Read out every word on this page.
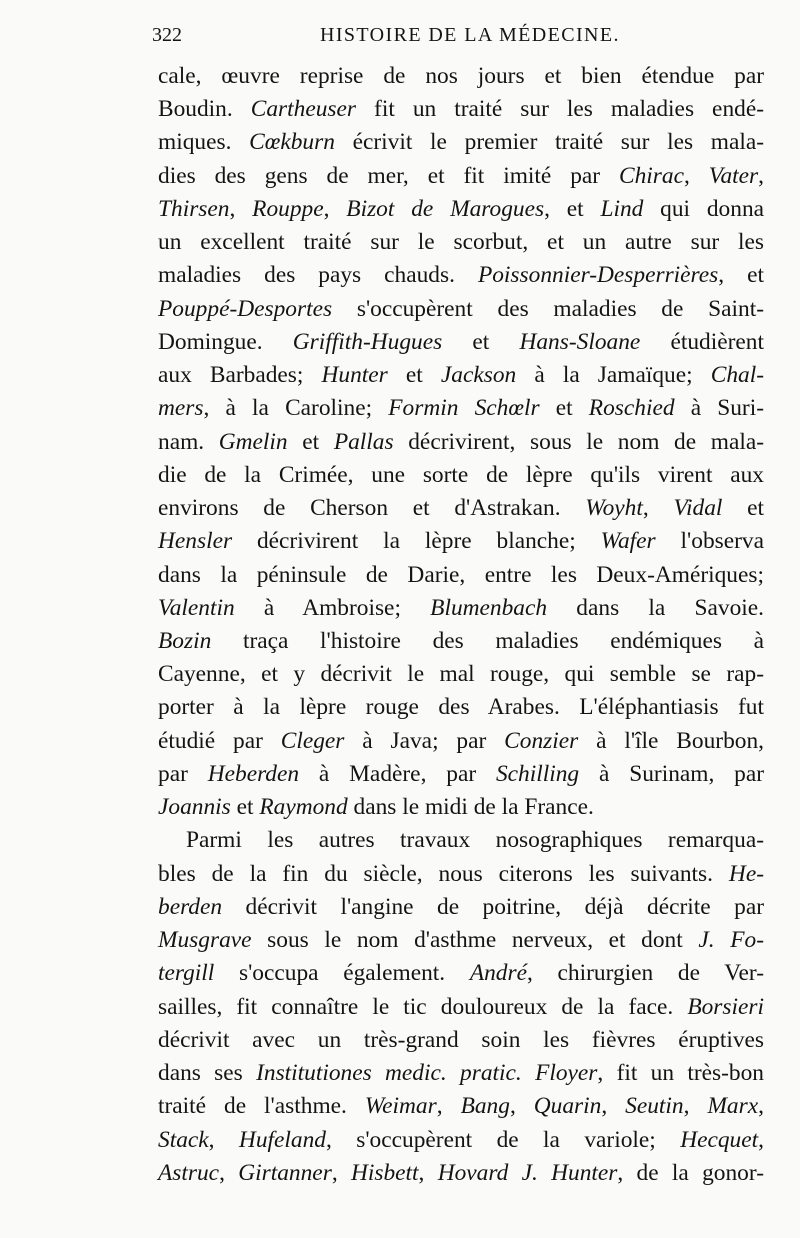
322	HISTOIRE DE LA MÉDECINE.
cale, œuvre reprise de nos jours et bien étendue par
Boudin. Cartheuser fit un traité sur les maladies endé-
miques. Cœkburn écrivit le premier traité sur les mala-
dies des gens de mer, et fit imité par Chirac, Vater,
Thirsen, Rouppe, Bizot de Marogues, et Lind qui donna
un excellent traité sur le scorbut, et un autre sur les
maladies des pays chauds. Poissonnier-Desperrières, et
Pouppé-Desportes s'occupèrent des maladies de Saint-
Domingue. Griffith-Hugues et Hans-Sloane étudièrent
aux Barbades; Hunter et Jackson à la Jamaïque; Chal-
mers, à la Caroline; Formin Schœlr et Roschied à Suri-
nam. Gmelin et Pallas décrivirent, sous le nom de mala-
die de la Crimée, une sorte de lèpre qu'ils virent aux
environs de Cherson et d'Astrakan. Woyht, Vidal et
Hensler décrivirent la lèpre blanche; Wafer l'observa
dans la péninsule de Darie, entre les Deux-Amériques;
Valentin à Ambroise; Blumenbach dans la Savoie.
Bozin traça l'histoire des maladies endémiques à
Cayenne, et y décrivit le mal rouge, qui semble se rap-
porter à la lèpre rouge des Arabes. L'éléphantiasis fut
étudié par Cleger à Java; par Conzier à l'île Bourbon,
par Heberden à Madère, par Schilling à Surinam, par
Joannis et Raymond dans le midi de la France.
Parmi les autres travaux nosographiques remarqua-
bles de la fin du siècle, nous citerons les suivants. He-
berden décrivit l'angine de poitrine, déjà décrite par
Musgrave sous le nom d'asthme nerveux, et dont J. Fo-
tergill s'occupa également. André, chirurgien de Ver-
sailles, fit connaître le tic douloureux de la face. Borsieri
décrivit avec un très-grand soin les fièvres éruptives
dans ses Institutiones medic. pratic. Floyer, fit un très-bon
traité de l'asthme. Weimar, Bang, Quarin, Seutin, Marx,
Stack, Hufeland, s'occupèrent de la variole; Hecquet,
Astruc, Girtanner, Hisbett, Hovard J. Hunter, de la gonor-
